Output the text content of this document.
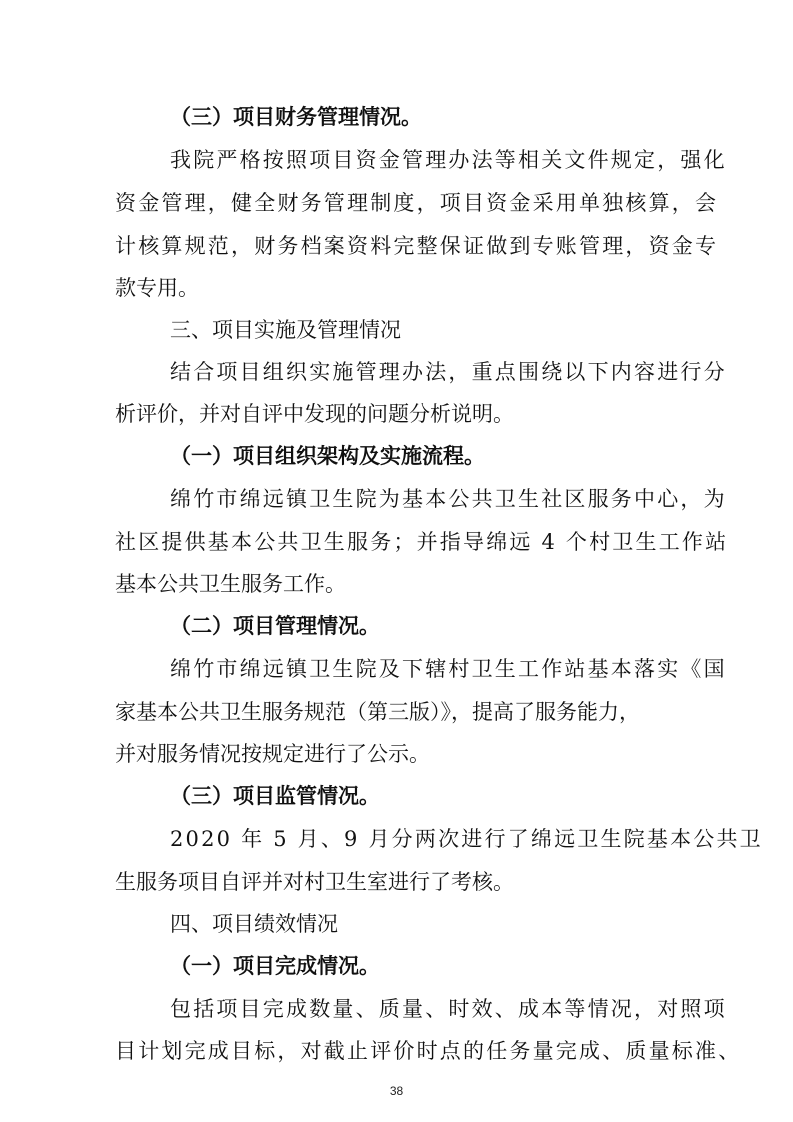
（三）项目财务管理情况。
我院严格按照项目资金管理办法等相关文件规定，强化
资金管理，健全财务管理制度，项目资金采用单独核算，会
计核算规范，财务档案资料完整保证做到专账管理，资金专
款专用。
三、项目实施及管理情况
结合项目组织实施管理办法，重点围绕以下内容进行分
析评价，并对自评中发现的问题分析说明。
（一）项目组织架构及实施流程。
绵竹市绵远镇卫生院为基本公共卫生社区服务中心，为
社区提供基本公共卫生服务；并指导绵远 4 个村卫生工作站
基本公共卫生服务工作。
（二）项目管理情况。
绵竹市绵远镇卫生院及下辖村卫生工作站基本落实《国
家基本公共卫生服务规范（第三版）》，提高了服务能力，
并对服务情况按规定进行了公示。
（三）项目监管情况。
2020 年 5 月、9 月分两次进行了绵远卫生院基本公共卫
生服务项目自评并对村卫生室进行了考核。
四、项目绩效情况
（一）项目完成情况。
包括项目完成数量、质量、时效、成本等情况，对照项
目计划完成目标，对截止评价时点的任务量完成、质量标准、
38
